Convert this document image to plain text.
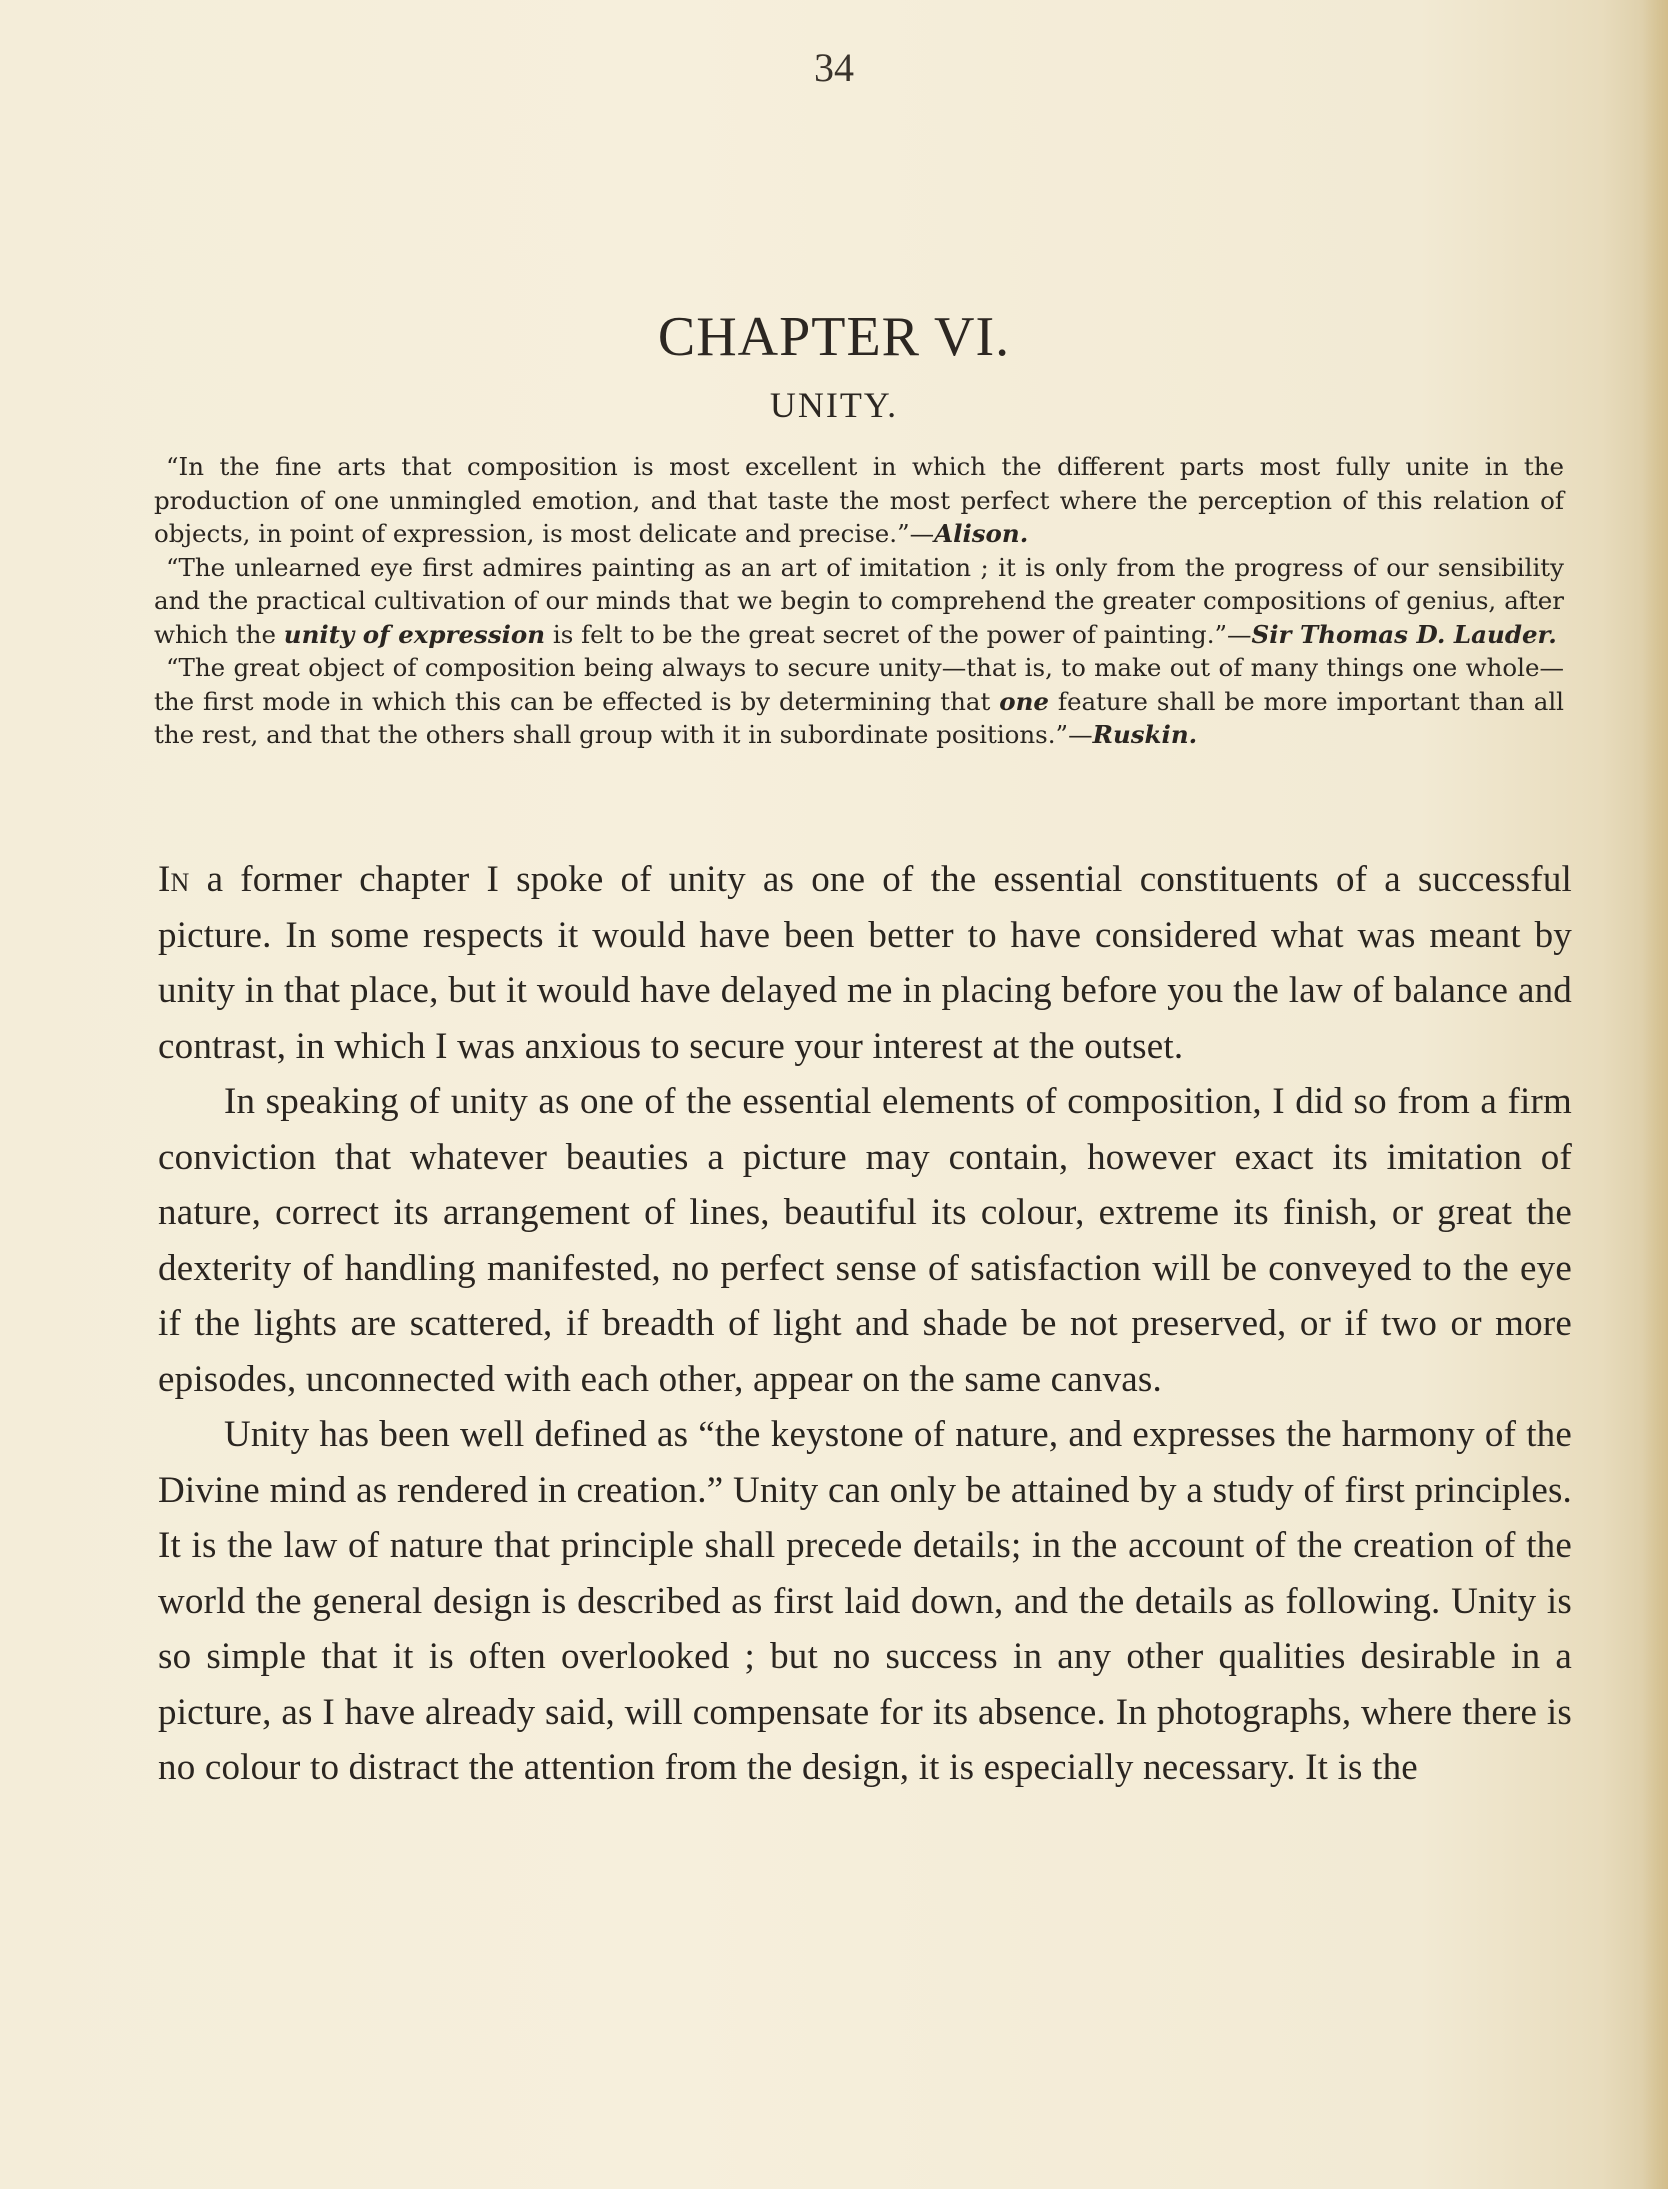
34
CHAPTER VI.
UNITY.

“In the fine arts that composition is most excellent in which the different parts most fully unite in the production of one unmingled emotion, and that taste the most perfect where the perception of this relation of objects, in point of expression, is most delicate and precise.”—Alison.

“The unlearned eye first admires painting as an art of imitation ; it is only from the progress of our sensibility and the practical cultivation of our minds that we begin to comprehend the greater compositions of genius, after which the unity of expression is felt to be the great secret of the power of painting.”—Sir Thomas D. Lauder.

“The great object of composition being always to secure unity—that is, to make out of many things one whole—the first mode in which this can be effected is by determining that one feature shall be more important than all the rest, and that the others shall group with it in subordinate positions.”—Ruskin.

In a former chapter I spoke of unity as one of the essential constituents of a successful picture. In some respects it would have been better to have considered what was meant by unity in that place, but it would have delayed me in placing before you the law of balance and contrast, in which I was anxious to secure your interest at the outset.

In speaking of unity as one of the essential elements of composition, I did so from a firm conviction that whatever beauties a picture may contain, however exact its imitation of nature, correct its arrangement of lines, beautiful its colour, extreme its finish, or great the dexterity of handling manifested, no perfect sense of satisfaction will be conveyed to the eye if the lights are scattered, if breadth of light and shade be not preserved, or if two or more episodes, unconnected with each other, appear on the same canvas.

Unity has been well defined as “the keystone of nature, and expresses the harmony of the Divine mind as rendered in creation.” Unity can only be attained by a study of first principles. It is the law of nature that principle shall precede details; in the account of the creation of the world the general design is described as first laid down, and the details as following. Unity is so simple that it is often overlooked ; but no success in any other qualities desirable in a picture, as I have already said, will compensate for its absence. In photographs, where there is no colour to distract the attention from the design, it is especially necessary. It is the
